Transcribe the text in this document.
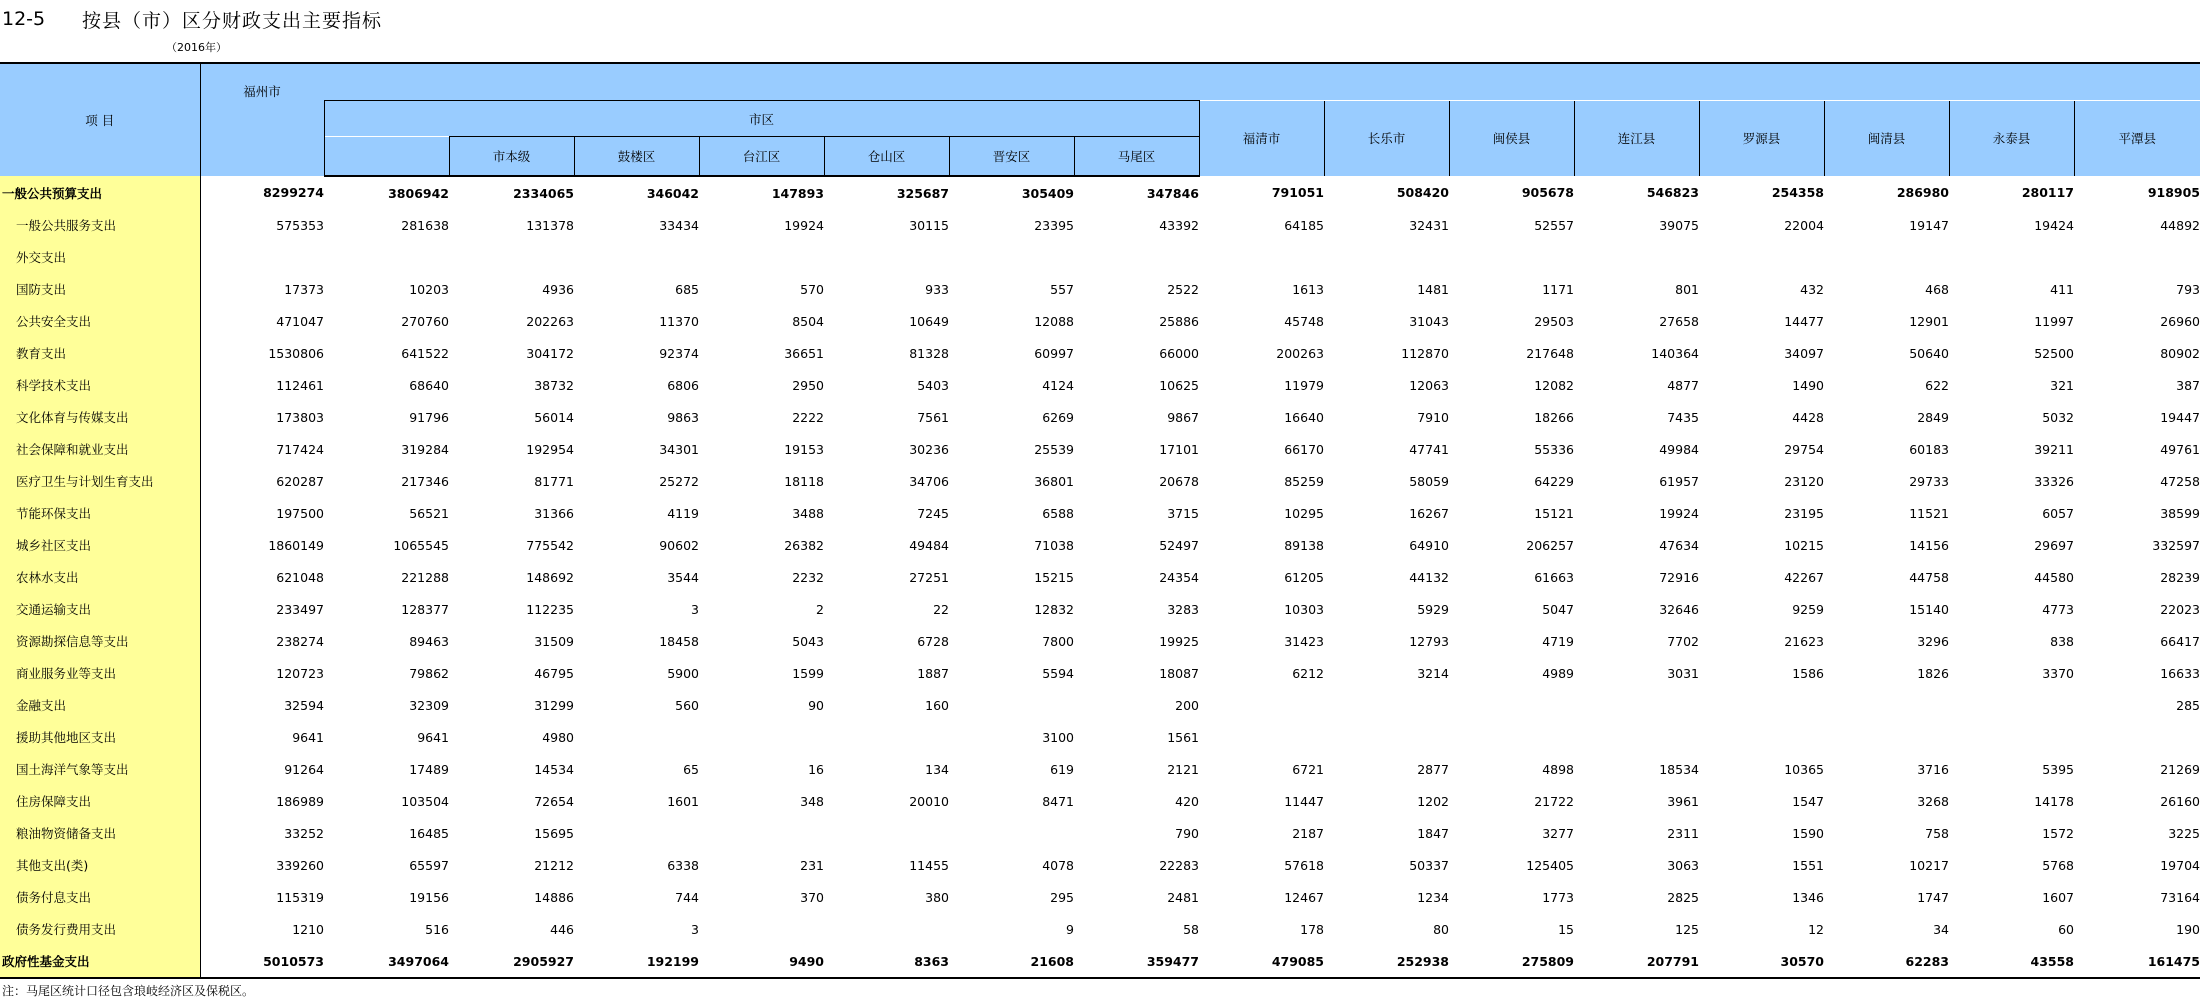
12-5	按县（市）区分财政支出主要指标
（2016年）
项 目	福州市															
		市区							福清市	长乐市	闽侯县	连江县	罗源县	闽清县	永泰县	平潭县
			市本级	鼓楼区	台江区	仓山区	晋安区	马尾区								
一般公共预算支出	8299274	3806942	2334065	346042	147893	325687	305409	347846	791051	508420	905678	546823	254358	286980	280117	918905
一般公共服务支出	575353	281638	131378	33434	19924	30115	23395	43392	64185	32431	52557	39075	22004	19147	19424	44892
外交支出																
国防支出	17373	10203	4936	685	570	933	557	2522	1613	1481	1171	801	432	468	411	793
公共安全支出	471047	270760	202263	11370	8504	10649	12088	25886	45748	31043	29503	27658	14477	12901	11997	26960
教育支出	1530806	641522	304172	92374	36651	81328	60997	66000	200263	112870	217648	140364	34097	50640	52500	80902
科学技术支出	112461	68640	38732	6806	2950	5403	4124	10625	11979	12063	12082	4877	1490	622	321	387
文化体育与传媒支出	173803	91796	56014	9863	2222	7561	6269	9867	16640	7910	18266	7435	4428	2849	5032	19447
社会保障和就业支出	717424	319284	192954	34301	19153	30236	25539	17101	66170	47741	55336	49984	29754	60183	39211	49761
医疗卫生与计划生育支出	620287	217346	81771	25272	18118	34706	36801	20678	85259	58059	64229	61957	23120	29733	33326	47258
节能环保支出	197500	56521	31366	4119	3488	7245	6588	3715	10295	16267	15121	19924	23195	11521	6057	38599
城乡社区支出	1860149	1065545	775542	90602	26382	49484	71038	52497	89138	64910	206257	47634	10215	14156	29697	332597
农林水支出	621048	221288	148692	3544	2232	27251	15215	24354	61205	44132	61663	72916	42267	44758	44580	28239
交通运输支出	233497	128377	112235	3	2	22	12832	3283	10303	5929	5047	32646	9259	15140	4773	22023
资源勘探信息等支出	238274	89463	31509	18458	5043	6728	7800	19925	31423	12793	4719	7702	21623	3296	838	66417
商业服务业等支出	120723	79862	46795	5900	1599	1887	5594	18087	6212	3214	4989	3031	1586	1826	3370	16633
金融支出	32594	32309	31299	560	90	160		200								285
援助其他地区支出	9641	9641	4980				3100	1561								
国土海洋气象等支出	91264	17489	14534	65	16	134	619	2121	6721	2877	4898	18534	10365	3716	5395	21269
住房保障支出	186989	103504	72654	1601	348	20010	8471	420	11447	1202	21722	3961	1547	3268	14178	26160
粮油物资储备支出	33252	16485	15695					790	2187	1847	3277	2311	1590	758	1572	3225
其他支出(类)	339260	65597	21212	6338	231	11455	4078	22283	57618	50337	125405	3063	1551	10217	5768	19704
债务付息支出	115319	19156	14886	744	370	380	295	2481	12467	1234	1773	2825	1346	1747	1607	73164
债务发行费用支出	1210	516	446	3			9	58	178	80	15	125	12	34	60	190
政府性基金支出	5010573	3497064	2905927	192199	9490	8363	21608	359477	479085	252938	275809	207791	30570	62283	43558	161475
注：马尾区统计口径包含琅岐经济区及保税区。
